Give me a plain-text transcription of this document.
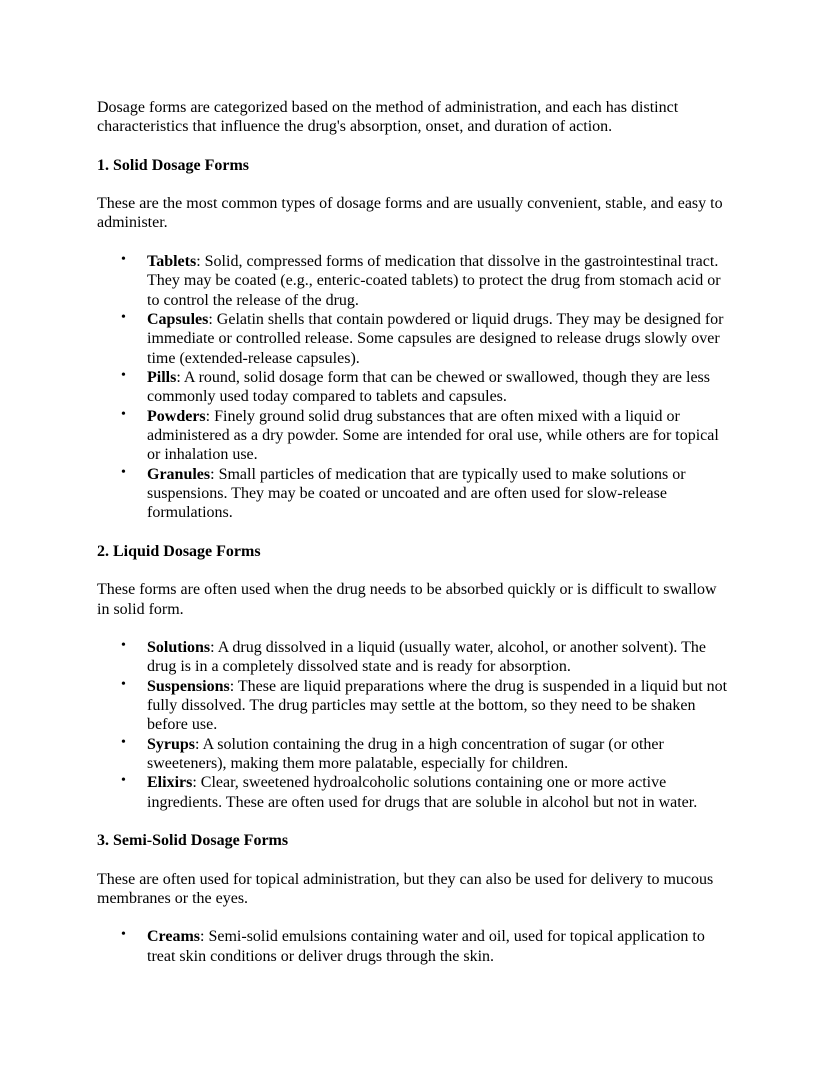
Dosage forms are categorized based on the method of administration, and each has distinct characteristics that influence the drug's absorption, onset, and duration of action.

1. Solid Dosage Forms

These are the most common types of dosage forms and are usually convenient, stable, and easy to administer.

• Tablets: Solid, compressed forms of medication that dissolve in the gastrointestinal tract. They may be coated (e.g., enteric-coated tablets) to protect the drug from stomach acid or to control the release of the drug.
• Capsules: Gelatin shells that contain powdered or liquid drugs. They may be designed for immediate or controlled release. Some capsules are designed to release drugs slowly over time (extended-release capsules).
• Pills: A round, solid dosage form that can be chewed or swallowed, though they are less commonly used today compared to tablets and capsules.
• Powders: Finely ground solid drug substances that are often mixed with a liquid or administered as a dry powder. Some are intended for oral use, while others are for topical or inhalation use.
• Granules: Small particles of medication that are typically used to make solutions or suspensions. They may be coated or uncoated and are often used for slow-release formulations.
2. Liquid Dosage Forms

These forms are often used when the drug needs to be absorbed quickly or is difficult to swallow in solid form.

• Solutions: A drug dissolved in a liquid (usually water, alcohol, or another solvent). The drug is in a completely dissolved state and is ready for absorption.
• Suspensions: These are liquid preparations where the drug is suspended in a liquid but not fully dissolved. The drug particles may settle at the bottom, so they need to be shaken before use.
• Syrups: A solution containing the drug in a high concentration of sugar (or other sweeteners), making them more palatable, especially for children.
• Elixirs: Clear, sweetened hydroalcoholic solutions containing one or more active ingredients. These are often used for drugs that are soluble in alcohol but not in water.
3. Semi-Solid Dosage Forms

These are often used for topical administration, but they can also be used for delivery to mucous membranes or the eyes.

• Creams: Semi-solid emulsions containing water and oil, used for topical application to treat skin conditions or deliver drugs through the skin.
